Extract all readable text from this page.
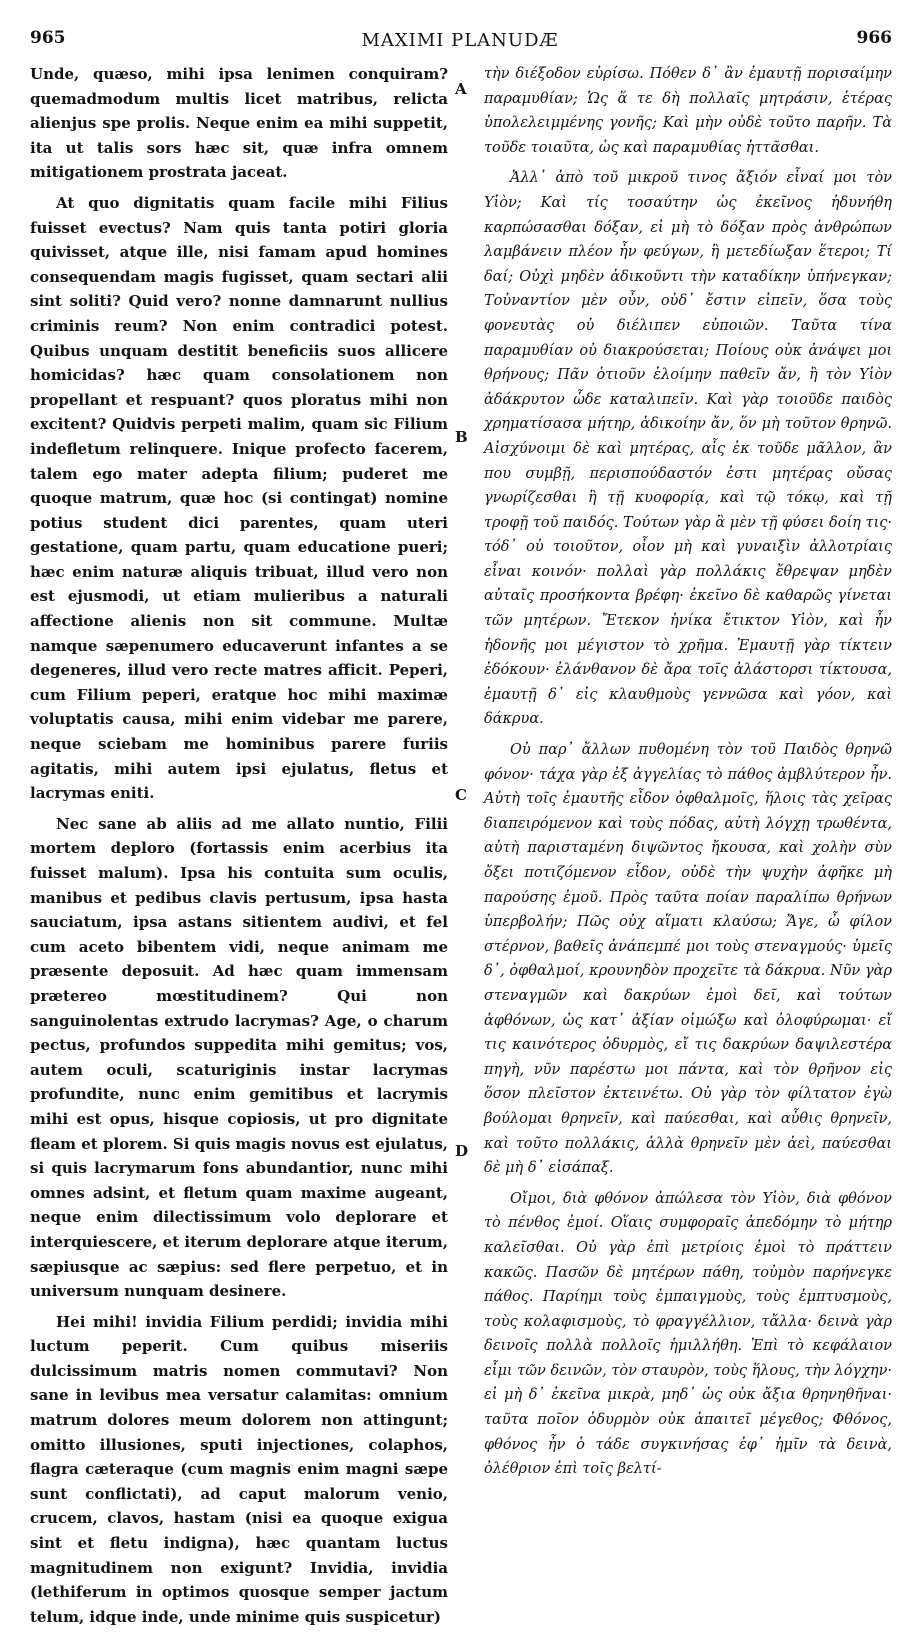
965	MAXIMI PLANUDÆ	966

Unde, quæso, mihi ipsa lenimen conquiram? quemadmodum multis licet matribus, relicta alienjus spe prolis. Neque enim ea mihi suppetit, ita ut talis sors hæc sit, quæ infra omnem mitigationem prostrata jaceat.

At quo dignitatis quam facile mihi Filius fuisset evectus? Nam quis tanta potiri gloria quivisset, atque ille, nisi famam apud homines consequendam magis fugisset, quam sectari alii sint soliti? Quid vero? nonne damnarunt nullius criminis reum? Non enim contradici potest. Quibus unquam destitit beneficiis suos allicere homicidas? hæc quam consolationem non propellant et respuant? quos ploratus mihi non excitent? Quidvis perpeti malim, quam sic Filium indefletum relinquere. Inique profecto facerem, talem ego mater adepta filium; puderet me quoque matrum, quæ hoc (si contingat) nomine potius student dici parentes, quam uteri gestatione, quam partu, quam educatione pueri; hæc enim naturæ aliquis tribuat, illud vero non est ejusmodi, ut etiam mulieribus a naturali affectione alienis non sit commune. Multæ namque sæpenumero educaverunt infantes a se degeneres, illud vero recte matres afficit. Peperi, cum Filium peperi, eratque hoc mihi maximæ voluptatis causa, mihi enim videbar me parere, neque sciebam me hominibus parere furiis agitatis, mihi autem ipsi ejulatus, fletus et lacrymas eniti.

Nec sane ab aliis ad me allato nuntio, Filii mortem deploro (fortassis enim acerbius ita fuisset malum). Ipsa his contuita sum oculis, manibus et pedibus clavis pertusum, ipsa hasta sauciatum, ipsa astans sitientem audivi, et fel cum aceto bibentem vidi, neque animam me præsente deposuit. Ad hæc quam immensam prætereo mœstitudinem? Qui non sanguinolentas extrudo lacrymas? Age, o charum pectus, profundos suppedita mihi gemitus; vos, autem oculi, scaturiginis instar lacrymas profundite, nunc enim gemitibus et lacrymis mihi est opus, hisque copiosis, ut pro dignitate fleam et plorem. Si quis magis novus est ejulatus, si quis lacrymarum fons abundantior, nunc mihi omnes adsint, et fletum quam maxime augeant, neque enim dilectissimum volo deplorare et interquiescere, et iterum deplorare atque iterum, sæpiusque ac sæpius: sed flere perpetuo, et in universum nunquam desinere.

Hei mihi! invidia Filium perdidi; invidia mihi luctum peperit. Cum quibus miseriis dulcissimum matris nomen commutavi? Non sane in levibus mea versatur calamitas: omnium matrum dolores meum dolorem non attingunt; omitto illusiones, sputi injectiones, colaphos, flagra cæteraque (cum magnis enim magni sæpe sunt conflictati), ad caput malorum venio, crucem, clavos, hastam (nisi ea quoque exigua sint et fletu indigna), hæc quantam luctus magnitudinem non exigunt? Invidia, invidia (lethiferum in optimos quosque semper jactum telum, idque inde, unde minime quis suspicetur)

A
B
C
D

τὴν διέξοδον εὑρίσω. Πόθεν δ᾿ ἂν ἐμαυτῇ πορισαίμην παραμυθίαν; Ὡς ἅ τε δὴ πολλαῖς μητράσιν, ἑτέρας ὑπολελειμμένης γονῆς; Καὶ μὴν οὐδὲ τοῦτο παρῆν. Τὰ τοῦδε τοιαῦτα, ὡς καὶ παραμυθίας ἡττᾶσθαι.

Ἀλλ᾿ ἀπὸ τοῦ μικροῦ τινος ἄξιόν εἶναί μοι τὸν Υἱὸν; Καὶ τίς τοσαύτην ὡς ἐκεῖνος ἠδυνήθη καρπώσασθαι δόξαν, εἰ μὴ τὸ δόξαν πρὸς ἀνθρώπων λαμβάνειν πλέον ἦν φεύγων, ἢ μετεδίωξαν ἕτεροι; Τί δαί; Οὐχὶ μηδὲν ἀδικοῦντι τὴν καταδίκην ὑπήνεγκαν; Τοὐναντίον μὲν οὖν, οὐδ᾿ ἔστιν εἰπεῖν, ὅσα τοὺς φονευτὰς οὐ διέλιπεν εὐποιῶν. Ταῦτα τίνα παραμυθίαν οὐ διακρούσεται; Ποίους οὐκ ἀνάψει μοι θρήνους; Πᾶν ὁτιοῦν ἑλοίμην παθεῖν ἄν, ἢ τὸν Υἱὸν ἀδάκρυτον ὧδε καταλιπεῖν. Καὶ γὰρ τοιοῦδε παιδὸς χρηματίσασα μήτηρ, ἀδικοίην ἄν, ὅν μὴ τοῦτον θρηνῶ. Αἰσχύνοιμι δὲ καὶ μητέρας, αἷς ἐκ τοῦδε μᾶλλον, ἂν που συμβῇ, περισπούδαστόν ἐστι μητέρας οὔσας γνωρίζεσθαι ἢ τῇ κυοφορίᾳ, καὶ τῷ τόκῳ, καὶ τῇ τροφῇ τοῦ παιδός. Τούτων γὰρ ἃ μὲν τῇ φύσει δοίη τις· τόδ᾿ οὐ τοιοῦτον, οἷον μὴ καὶ γυναιξὶν ἀλλοτρίαις εἶναι κοινόν· πολλαὶ γὰρ πολλάκις ἔθρεψαν μηδὲν αὐταῖς προσήκοντα βρέφη· ἐκεῖνο δὲ καθαρῶς γίνεται τῶν μητέρων. Ἔτεκον ἡνίκα ἔτικτον Υἱὸν, καὶ ἦν ἡδονῆς μοι μέγιστον τὸ χρῆμα. Ἐμαυτῇ γὰρ τίκτειν ἐδόκουν· ἐλάνθανον δὲ ἄρα τοῖς ἀλάστορσι τίκτουσα, ἐμαυτῇ δ᾿ εἰς κλαυθμοὺς γεννῶσα καὶ γόον, καὶ δάκρυα.

Οὐ παρ᾿ ἄλλων πυθομένη τὸν τοῦ Παιδὸς θρηνῶ φόνον· τάχα γὰρ ἐξ ἀγγελίας τὸ πάθος ἀμβλύτερον ἦν. Αὐτὴ τοῖς ἐμαυτῆς εἶδον ὀφθαλμοῖς, ἥλοις τὰς χεῖρας διαπειρόμενον καὶ τοὺς πόδας, αὐτὴ λόγχῃ τρωθέντα, αὐτὴ παρισταμένη διψῶντος ἤκουσα, καὶ χολὴν σὺν ὄξει ποτιζόμενον εἶδον, οὐδὲ τὴν ψυχὴν ἀφῆκε μὴ παρούσης ἐμοῦ. Πρὸς ταῦτα ποίαν παραλίπω θρήνων ὑπερβολήν; Πῶς οὐχ αἵματι κλαύσω; Ἄγε, ὦ φίλον στέρνον, βαθεῖς ἀνάπεμπέ μοι τοὺς στεναγμούς· ὑμεῖς δ᾿, ὀφθαλμοί, κρουνηδὸν προχεῖτε τὰ δάκρυα. Νῦν γὰρ στεναγμῶν καὶ δακρύων ἐμοὶ δεῖ, καὶ τούτων ἀφθόνων, ὡς κατ᾿ ἀξίαν οἰμώξω καὶ ὀλοφύρωμαι· εἴ τις καινότερος ὀδυρμὸς, εἴ τις δακρύων δαψιλεστέρα πηγὴ, νῦν παρέστω μοι πάντα, καὶ τὸν θρῆνον εἰς ὅσον πλεῖστον ἐκτεινέτω. Οὐ γὰρ τὸν φίλτατον ἐγὼ βούλομαι θρηνεῖν, καὶ παύεσθαι, καὶ αὖθις θρηνεῖν, καὶ τοῦτο πολλάκις, ἀλλὰ θρηνεῖν μὲν ἀεὶ, παύεσθαι δὲ μὴ δ᾿ εἰσάπαξ.

Οἴμοι, διὰ φθόνον ἀπώλεσα τὸν Υἱὸν, διὰ φθόνον τὸ πένθος ἐμοί. Οἵαις συμφοραῖς ἀπεδόμην τὸ μήτηρ καλεῖσθαι. Οὐ γὰρ ἐπὶ μετρίοις ἐμοὶ τὸ πράττειν κακῶς. Πασῶν δὲ μητέρων πάθη, τοὐμὸν παρήνεγκε πάθος. Παρίημι τοὺς ἐμπαιγμοὺς, τοὺς ἐμπτυσμοὺς, τοὺς κολαφισμοὺς, τὸ φραγγέλλιον, τἄλλα· δεινὰ γὰρ δεινοῖς πολλὰ πολλοῖς ἡμιλλήθη. Ἐπὶ τὸ κεφάλαιον εἶμι τῶν δεινῶν, τὸν σταυρὸν, τοὺς ἥλους, τὴν λόγχην· εἰ μὴ δ᾿ ἐκεῖνα μικρὰ, μηδ᾿ ὡς οὐκ ἄξια θρηνηθῆναι· ταῦτα ποῖον ὀδυρμὸν οὐκ ἀπαιτεῖ μέγεθος; Φθόνος, φθόνος ἦν ὁ τάδε συγκινήσας ἐφ᾿ ἡμῖν τὰ δεινὰ, ὀλέθριον ἐπὶ τοῖς βελτί-
